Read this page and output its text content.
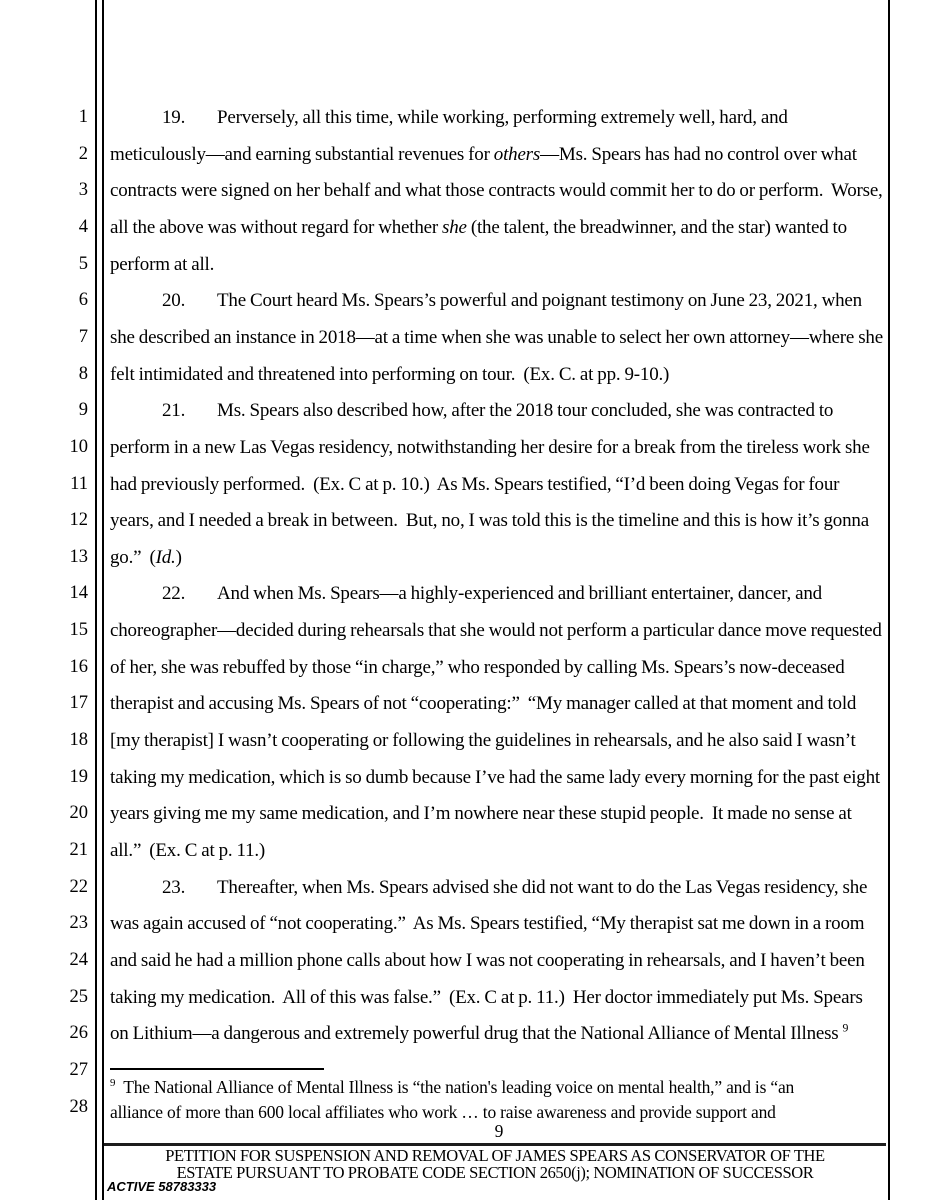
1
2
3
4
5
6
7
8
9
10
11
12
13
14
15
16
17
18
19
20
21
22
23
24
25
26
27
28
19. Perversely, all this time, while working, performing extremely well, hard, and
meticulously—and earning substantial revenues for others—Ms. Spears has had no control over what
contracts were signed on her behalf and what those contracts would commit her to do or perform.  Worse,
all the above was without regard for whether she (the talent, the breadwinner, and the star) wanted to
perform at all.
20. The Court heard Ms. Spears’s powerful and poignant testimony on June 23, 2021, when
she described an instance in 2018—at a time when she was unable to select her own attorney—where she
felt intimidated and threatened into performing on tour.  (Ex. C. at pp. 9-10.)
21. Ms. Spears also described how, after the 2018 tour concluded, she was contracted to
perform in a new Las Vegas residency, notwithstanding her desire for a break from the tireless work she
had previously performed.  (Ex. C at p. 10.)  As Ms. Spears testified, “I’d been doing Vegas for four
years, and I needed a break in between.  But, no, I was told this is the timeline and this is how it’s gonna
go.”  (Id.)
22. And when Ms. Spears—a highly-experienced and brilliant entertainer, dancer, and
choreographer—decided during rehearsals that she would not perform a particular dance move requested
of her, she was rebuffed by those “in charge,” who responded by calling Ms. Spears’s now-deceased
therapist and accusing Ms. Spears of not “cooperating:”  “My manager called at that moment and told
[my therapist] I wasn’t cooperating or following the guidelines in rehearsals, and he also said I wasn’t
taking my medication, which is so dumb because I’ve had the same lady every morning for the past eight
years giving me my same medication, and I’m nowhere near these stupid people.  It made no sense at
all.”  (Ex. C at p. 11.)
23. Thereafter, when Ms. Spears advised she did not want to do the Las Vegas residency, she
was again accused of “not cooperating.”  As Ms. Spears testified, “My therapist sat me down in a room
and said he had a million phone calls about how I was not cooperating in rehearsals, and I haven’t been
taking my medication.  All of this was false.”  (Ex. C at p. 11.)  Her doctor immediately put Ms. Spears
on Lithium—a dangerous and extremely powerful drug that the National Alliance of Mental Illness $^9$
$^9$  The National Alliance of Mental Illness is “the nation's leading voice on mental health,” and is “an
alliance of more than 600 local affiliates who work … to raise awareness and provide support and
9
PETITION FOR SUSPENSION AND REMOVAL OF JAMES SPEARS AS CONSERVATOR OF THE
ESTATE PURSUANT TO PROBATE CODE SECTION 2650(j); NOMINATION OF SUCCESSOR
ACTIVE 58783333
